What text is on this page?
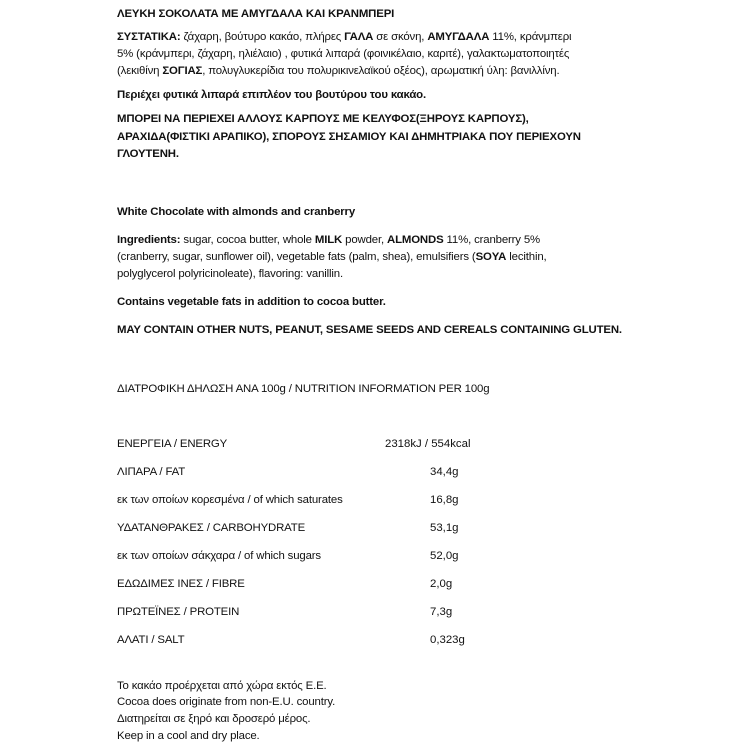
ΛΕΥΚΗ ΣΟΚΟΛΑΤΑ ΜΕ ΑΜΥΓΔΑΛΑ ΚΑΙ ΚΡΑΝΜΠΕΡΙ
ΣΥΣΤΑΤΙΚΑ: ζάχαρη, βούτυρο κακάο, πλήρες ΓΑΛΑ σε σκόνη, ΑΜΥΓΔΑΛΑ 11%, κράνμπερι
5% (κράνμπερι, ζάχαρη, ηλιέλαιο) , φυτικά λιπαρά (φοινικέλαιο, καριτέ), γαλακτωματοποιητές
(λεκιθίνη ΣΟΓΙΑΣ, πολυγλυκερίδια του πολυρικινελαϊκού οξέος), αρωματική ύλη: βανιλλίνη.
Περιέχει φυτικά λιπαρά επιπλέον του βουτύρου του κακάο.
ΜΠΟΡΕΙ ΝΑ ΠΕΡΙΕΧΕΙ ΑΛΛΟΥΣ ΚΑΡΠΟΥΣ ΜΕ ΚΕΛΥΦΟΣ(ΞΗΡΟΥΣ ΚΑΡΠΟΥΣ),
ΑΡΑΧΙΔΑ(ΦΙΣΤΙΚΙ ΑΡΑΠΙΚΟ), ΣΠΟΡΟΥΣ ΣΗΣΑΜΙΟΥ ΚΑΙ ΔΗΜΗΤΡΙΑΚΑ ΠΟΥ ΠΕΡΙΕΧΟΥΝ
ΓΛΟΥΤΕΝΗ.
White Chocolate with almonds and cranberry
Ingredients: sugar, cocoa butter, whole MILK powder, ALMONDS 11%, cranberry 5%
(cranberry, sugar, sunflower oil), vegetable fats (palm, shea), emulsifiers (SOYA lecithin,
polyglycerol polyricinoleate), flavoring: vanillin.
Contains vegetable fats in addition to cocoa butter.
MAY CONTAIN OTHER NUTS, PEANUT, SESAME SEEDS AND CEREALS CONTAINING GLUTEN.
ΔΙΑΤΡΟΦΙΚΗ ΔΗΛΩΣΗ ΑΝΑ 100g / NUTRITION INFORMATION PER 100g
ΕΝΕΡΓΕΙΑ / ENERGY	2318kJ / 554kcal
ΛΙΠΑΡΑ / FAT	34,4g
εκ των οποίων κορεσμένα / of which saturates	16,8g
ΥΔΑΤΑΝΘΡΑΚΕΣ / CARBOHYDRATE	53,1g
εκ των οποίων σάκχαρα / of which sugars	52,0g
ΕΔΩΔΙΜΕΣ ΙΝΕΣ / FIBRE	2,0g
ΠΡΩΤΕΪΝΕΣ / PROTEIN	7,3g
ΑΛΑΤΙ / SALT	0,323g
Το κακάο προέρχεται από χώρα εκτός Ε.Ε.
Cocoa does originate from non-E.U. country.
Διατηρείται σε ξηρό και δροσερό μέρος.
Keep in a cool and dry place.
